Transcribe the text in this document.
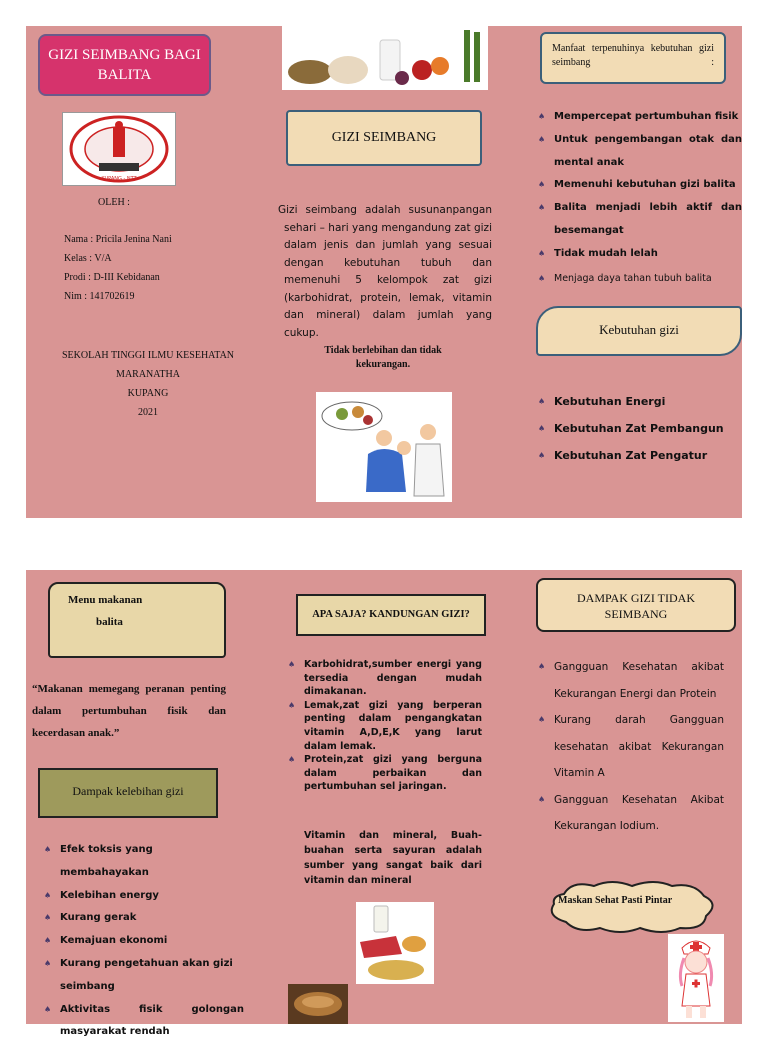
GIZI SEIMBANG BAGI BALITA
KUPANG - NTT
OLEH :
Nama : Pricila Jenina Nani
Kelas : V/A
Prodi : D-III Kebidanan
Nim : 141702619
SEKOLAH TINGGI ILMU KESEHATAN
MARANATHA
KUPANG
2021
GIZI SEIMBANG
Gizi seimbang adalah susunanpangan sehari – hari yang mengandung zat gizi dalam jenis dan jumlah yang sesuai dengan kebutuhan tubuh dan memenuhi 5 kelompok zat gizi (karbohidrat, protein, lemak, vitamin dan mineral) dalam jumlah yang cukup.
Tidak berlebihan dan tidak kekurangan.
Manfaat terpenuhinya kebutuhan gizi seimbang :
♠ Mempercepat pertumbuhan fisik
♠ Untuk pengembangan otak dan mental anak
♠ Memenuhi kebutuhan gizi balita
♠ Balita menjadi lebih aktif dan besemangat
♠ Tidak mudah lelah
♠ Menjaga daya tahan tubuh balita
Kebutuhan gizi
♠ Kebutuhan Energi
♠ Kebutuhan Zat Pembangun
♠ Kebutuhan Zat Pengatur
Menu makanan
balita
“Makanan memegang peranan penting dalam pertumbuhan fisik dan kecerdasan anak.”
Dampak kelebihan gizi
♠ Efek toksis yang membahayakan
♠ Kelebihan energy
♠ Kurang gerak
♠ Kemajuan ekonomi
♠ Kurang pengetahuan akan gizi seimbang
♠ Aktivitas fisik golongan masyarakat rendah
APA SAJA? KANDUNGAN GIZI?
♠ Karbohidrat,sumber energi yang tersedia dengan mudah dimakanan.
♠ Lemak,zat gizi yang berperan penting dalam pengangkatan vitamin A,D,E,K yang larut dalam lemak.
♠ Protein,zat gizi yang berguna dalam perbaikan dan pertumbuhan sel jaringan.
Vitamin dan mineral, Buah-buahan serta sayuran adalah sumber yang sangat baik dari vitamin dan mineral
DAMPAK GIZI TIDAK SEIMBANG
♠ Gangguan Kesehatan akibat Kekurangan Energi dan Protein
♠ Kurang darah Gangguan kesehatan akibat Kekurangan Vitamin A
♠ Gangguan Kesehatan Akibat Kekurangan Iodium.
Maskan Sehat Pasti Pintar
